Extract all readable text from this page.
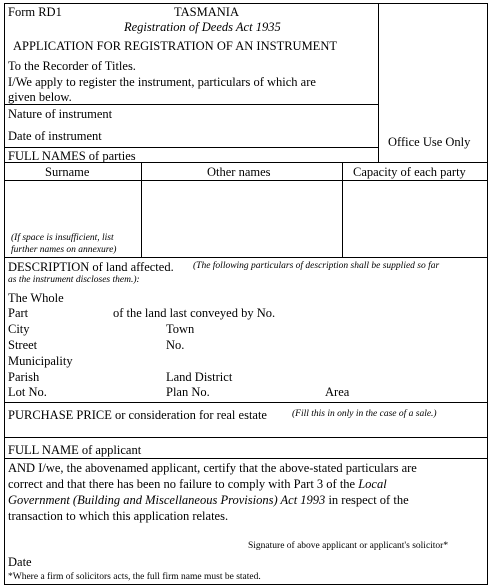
Form RD1	TASMANIA
Registration of Deeds Act 1935
APPLICATION FOR REGISTRATION OF AN INSTRUMENT
To the Recorder of Titles.
I/We apply to register the instrument, particulars of which are
given below.
Office Use Only
Nature of instrument
Date of instrument
FULL NAMES of parties
Surname	Other names	Capacity of each party
(If space is insufficient, list
further names on annexure)
DESCRIPTION of land affected. (The following particulars of description shall be supplied so far
as the instrument discloses them.):
The Whole
Part	of the land last conveyed by No.
City	Town
Street	No.
Municipality
Parish	Land District
Lot No.	Plan No.	Area
PURCHASE PRICE or consideration for real estate	(Fill this in only in the case of a sale.)
FULL NAME of applicant
AND I/we, the abovenamed applicant, certify that the above-stated particulars are
correct and that there has been no failure to comply with Part 3 of the Local
Government (Building and Miscellaneous Provisions) Act 1993 in respect of the
transaction to which this application relates.
Signature of above applicant or applicant's solicitor*
Date
*Where a firm of solicitors acts, the full firm name must be stated.
